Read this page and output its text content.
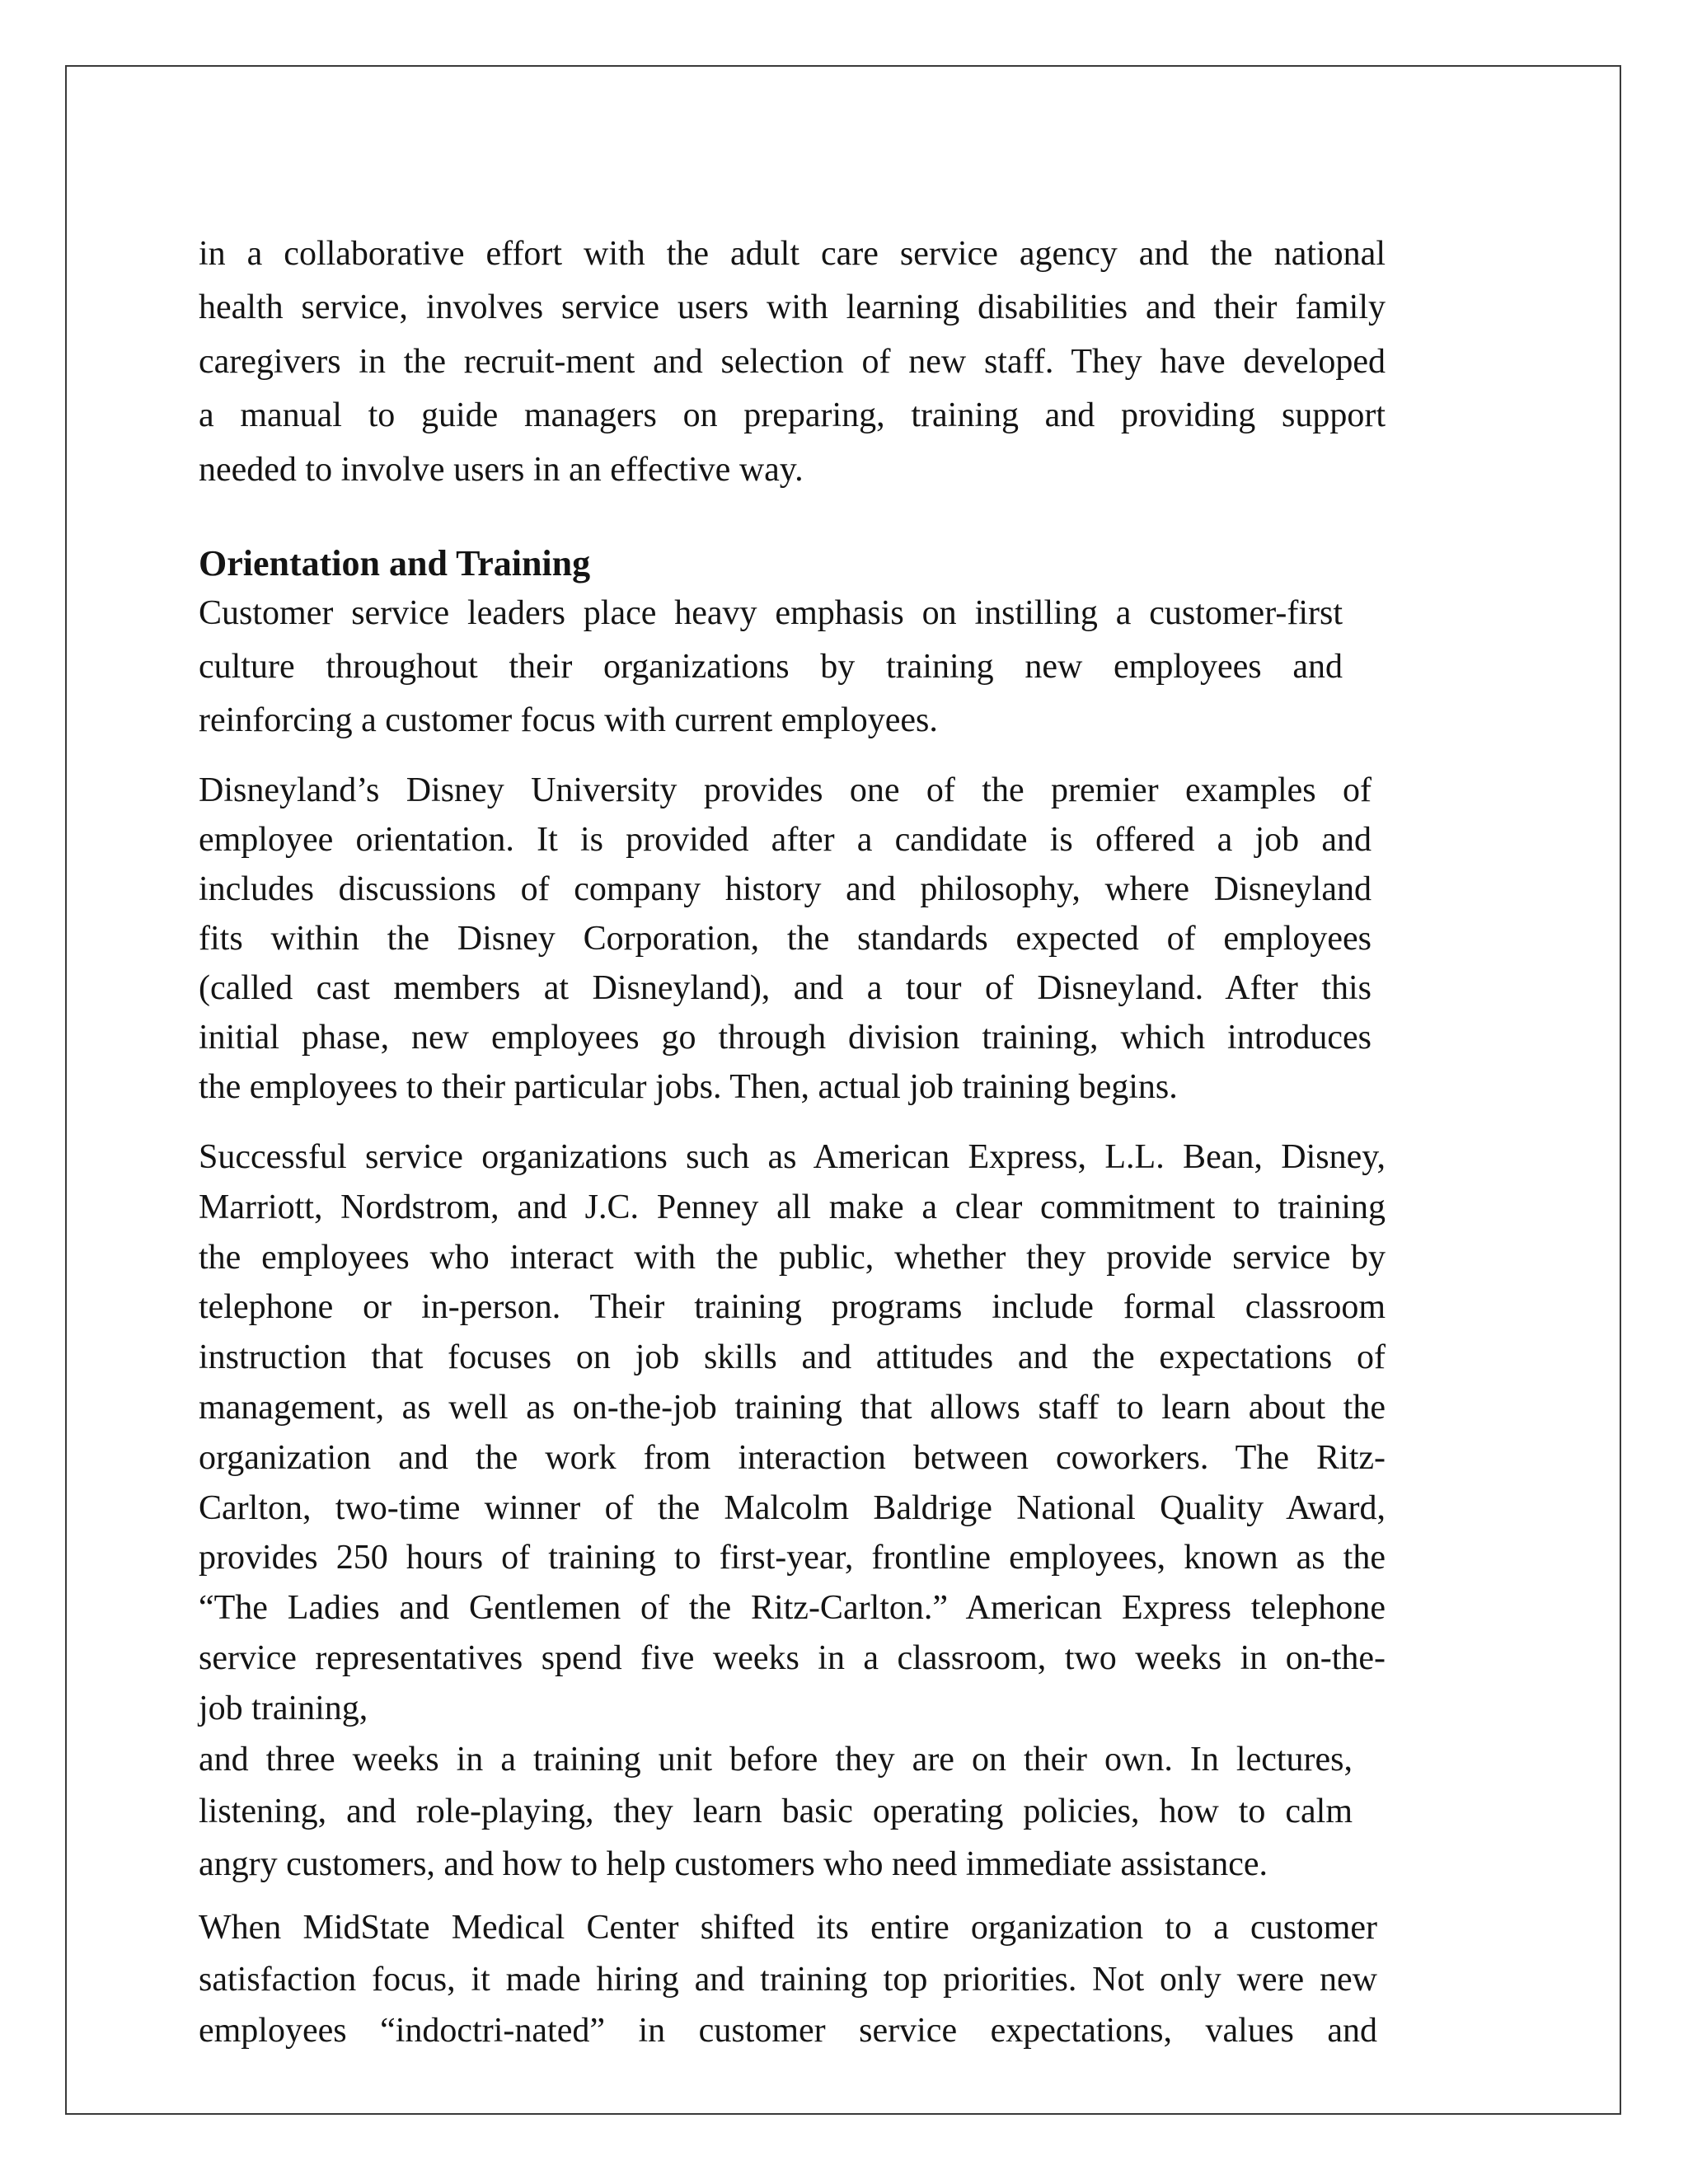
in a collaborative effort with the adult care service agency and the national
health service, involves service users with learning disabilities and their family
caregivers in the recruit-ment and selection of new staff. They have developed
a manual to guide managers on preparing, training and providing support
needed to involve users in an effective way.
Orientation and Training
Customer service leaders place heavy emphasis on instilling a customer-first
culture throughout their organizations by training new employees and
reinforcing a customer focus with current employees.
Disneyland’s Disney University provides one of the premier examples of
employee orientation. It is provided after a candidate is offered a job and
includes discussions of company history and philosophy, where Disneyland
fits within the Disney Corporation, the standards expected of employees
(called cast members at Disneyland), and a tour of Disneyland. After this
initial phase, new employees go through division training, which introduces
the employees to their particular jobs. Then, actual job training begins.
Successful service organizations such as American Express, L.L. Bean, Disney,
Marriott, Nordstrom, and J.C. Penney all make a clear commitment to training
the employees who interact with the public, whether they provide service by
telephone or in-person. Their training programs include formal classroom
instruction that focuses on job skills and attitudes and the expectations of
management, as well as on-the-job training that allows staff to learn about the
organization and the work from interaction between coworkers. The Ritz-
Carlton, two-time winner of the Malcolm Baldrige National Quality Award,
provides 250 hours of training to first-year, frontline employees, known as the
“The Ladies and Gentlemen of the Ritz-Carlton.” American Express telephone
service representatives spend five weeks in a classroom, two weeks in on-the-
job training,
and three weeks in a training unit before they are on their own. In lectures,
listening, and role-playing, they learn basic operating policies, how to calm
angry customers, and how to help customers who need immediate assistance.
When MidState Medical Center shifted its entire organization to a customer
satisfaction focus, it made hiring and training top priorities. Not only were new
employees “indoctri-nated” in customer service expectations, values and
